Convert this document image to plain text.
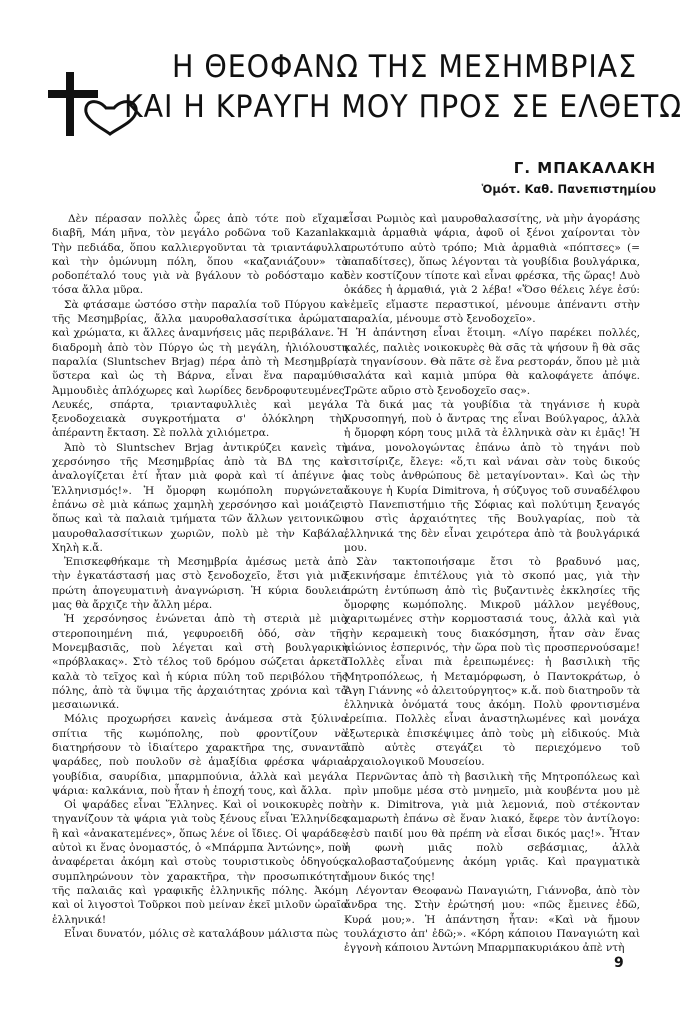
Η ΘΕΟΦΑΝΩ ΤΗΣ ΜΕΣΗΜΒΡΙΑΣ
ΚΑΙ Η ΚΡΑΥΓΗ ΜΟΥ ΠΡΟΣ ΣΕ ΕΛΘΕΤΩ
Γ. ΜΠΑΚΑΛΑΚΗ
Ὁμότ. Καθ. Πανεπιστημίου

Δὲν πέρασαν πολλὲς ὧρες ἀπὸ τότε ποὺ εἴχαμε διαβῆ, Μάη μῆνα, τὸν μεγάλο ροδῶνα τοῦ Kazanlak. Τὴν πεδιάδα, ὅπου καλλιεργοῦνται τὰ τριαντάφυλλα καὶ τὴν ὁμώνυμη πόλη, ὅπου «καζανιάζουν» τὸ ροδοπέταλό τους γιὰ νὰ βγάλουν τὸ ροδόσταμο καὶ τόσα ἄλλα μῦρα.

Σὰ φτάσαμε ὡστόσο στὴν παραλία τοῦ Πύργου καὶ τῆς Μεσημβρίας, ἄλλα μαυροθαλασσίτικα ἀρώματα καὶ χρώματα, κι ἄλλες ἀναμνήσεις μᾶς περιβάλανε. Ἡ διαδρομὴ ἀπὸ τὸν Πύργο ὡς τὴ μεγάλη, ἡλιόλουστη παραλία (Sluntschev Brjag) πέρα ἀπὸ τὴ Μεσημβρία, ὕστερα καὶ ὡς τὴ Βάρνα, εἶναι ἕνα παραμύθι. Ἀμμουδιὲς ἁπλόχωρες καὶ λωρίδες δενδροφυτευμένες. Λευκές, σπάρτα, τριανταφυλλιὲς καὶ μεγάλα ξενοδοχειακὰ συγκροτήματα σ' ὁλόκληρη τὴν ἀπέραντη ἔκταση. Σὲ πολλὰ χιλιόμετρα.

Ἀπὸ τὸ Sluntschev Brjag ἀντικρύζει κανεὶς τὴ χερσόνησο τῆς Μεσημβρίας ἀπὸ τὰ ΒΔ της καὶ ἀναλογίζεται ἐτί ἦταν μιὰ φορὰ καὶ τί ἀπέγινε ὁ Ἑλληνισμός!». Ἡ ὄμορφη κωμόπολη πυργώνεται ἐπάνω σὲ μιὰ κάπως χαμηλὴ χερσόνησο καὶ μοιάζει, ὅπως καὶ τὰ παλαιὰ τμήματα τῶν ἄλλων γειτονικῶν μαυροθαλασσίτικων χωριῶν, πολὺ μὲ τὴν Καβάλα, Χηλὴ κ.ἄ.

Ἐπισκεφθήκαμε τὴ Μεσημβρία ἀμέσως μετὰ ἀπὸ τὴν ἐγκατάστασή μας στὸ ξενοδοχεῖο, ἔτσι γιὰ μιὰ πρώτη ἀπογευματινὴ ἀναγνώριση. Ἡ κύρια δουλειά μας θὰ ἄρχιζε τὴν ἄλλη μέρα.

Ἡ χερσόνησος ἑνώνεται ἀπὸ τὴ στεριὰ μὲ μιὰ στεροποιημένη πιά, γεφυροειδῆ ὁδό, σὰν τῆς Μονεμβασιᾶς, ποὺ λέγεται καὶ στὴ βουλγαρικὴ «πρόβλακας». Στὸ τέλος τοῦ δρόμου σώζεται ἀρκετὰ καλὰ τὸ τεῖχος καὶ ἡ κύρια πύλη τοῦ περιβόλου τῆς πόλης, ἀπὸ τὰ ὕψιμα τῆς ἀρχαιότητας χρόνια καὶ τὰ μεσαιωνικά.

Μόλις προχωρήσει κανεὶς ἀνάμεσα στὰ ξύλινα σπίτια τῆς κωμόπολης, ποὺ φροντίζουν νὰ διατηρήσουν τὸ ἰδιαίτερο χαρακτῆρα της, συναντᾶ ψαράδες, ποὺ πουλοῦν σὲ ἁμαξίδια φρέσκα ψάρια: γουβίδια, σαυρίδια, μπαρμπούνια, ἀλλὰ καὶ μεγάλα ψάρια: καλκάνια, ποὺ ἦταν ἡ ἐποχή τους, καὶ ἄλλα.

Οἱ ψαράδες εἶναι Ἕλληνες. Καὶ οἱ νοικοκυρὲς ποὺ τηγανίζουν τὰ ψάρια γιὰ τοὺς ξένους εἶναι Ἑλληνίδες ἢ καὶ «ἀνακατεμένες», ὅπως λένε οἱ ἴδιες. Οἱ ψαράδες αὐτοὶ κι ἕνας ὀνομαστός, ὁ «Μπάρμπα Ἀντώνης», ποὺ ἀναφέρεται ἀκόμη καὶ στοὺς τουριστικοὺς ὁδηγούς, συμπληρώνουν τὸν χαρακτῆρα, τὴν προσωπικότητα τῆς παλαιᾶς καὶ γραφικῆς ἑλληνικῆς πόλης. Ἀκόμη καὶ οἱ λιγοστοὶ Τοῦρκοι ποὺ μείναν ἐκεῖ μιλοῦν ὡραῖα ἑλληνικά!

Εἶναι δυνατόν, μόλις σὲ καταλάβουν μάλιστα πὼς

εἶσαι Ρωμιὸς καὶ μαυροθαλασσίτης, νὰ μὴν ἀγοράσης καμιὰ ἁρμαθιὰ ψάρια, ἀφοῦ οἱ ξένοι χαίρονται τὸν πρωτότυπο αὐτὸ τρόπο; Μιὰ ἁρμαθιὰ «πόπτσες» (= παπαδίτσες), ὅπως λέγονται τὰ γουβίδια βουλγάρικα, δὲν κοστίζουν τίποτε καὶ εἶναι φρέσκα, τῆς ὥρας! Δυὸ ὁκάδες ἡ ἁρμαθιά, γιὰ 2 λέβα! «Ὅσο θέλεις λέγε ἐσύ: «ἐμεῖς εἴμαστε περαστικοί, μένουμε ἀπέναντι στὴν παραλία, μένουμε στὸ ξενοδοχεῖο».

Ἡ ἀπάντηση εἶναι ἕτοιμη. «Λίγο παρέκει πολλές, καλές, παλιὲς νοικοκυρὲς θὰ σᾶς τὰ ψήσουν ἢ θὰ σᾶς τὰ τηγανίσουν. Θὰ πᾶτε σὲ ἕνα ρεστοράν, ὅπου μὲ μιὰ σαλάτα καὶ καμιὰ μπύρα θὰ καλοφάγετε ἀπόψε. Τρῶτε αὔριο στὸ ξενοδοχεῖο σας».

Τὰ δικά μας τὰ γουβίδια τὰ τηγάνισε ἡ κυρὰ Χρυσοπηγή, ποὺ ὁ ἄντρας της εἶναι Βούλγαρος, ἀλλὰ ἡ ὄμορφη κόρη τους μιλᾶ τὰ ἑλληνικὰ σὰν κι ἐμᾶς! Ἡ μάνα, μονολογώντας ἐπάνω ἀπὸ τὸ τηγάνι ποὺ τσιτσίριζε, ἔλεγε: «ὅ,τι καὶ νάναι σὰν τοὺς δικούς μας τοὺς ἀνθρώπους δὲ μεταγίνονται». Καὶ ὡς τὴν ἄκουγε ἡ Κυρία Dimitrova, ἡ σύζυγος τοῦ συναδέλφου στὸ Πανεπιστήμιο τῆς Σόφιας καὶ πολύτιμη ξεναγός μου στὶς ἀρχαιότητες τῆς Βουλγαρίας, ποὺ τὰ ἑλληνικά της δὲν εἶναι χειρότερα ἀπὸ τὰ βουλγάρικά μου.

Σὰν τακτοποιήσαμε ἔτσι τὸ βραδυνό μας, ξεκινήσαμε ἐπιτέλους γιὰ τὸ σκοπό μας, γιὰ τὴν πρώτη ἐντύπωση ἀπὸ τὶς βυζαντινὲς ἐκκλησίες τῆς ὄμορφης κωμόπολης. Μικροῦ μάλλον μεγέθους, χαριτωμένες στὴν κορμοστασιά τους, ἀλλὰ καὶ γιὰ τὴν κεραμεικὴ τους διακόσμηση, ἦταν σὰν ἕνας αἰώνιος ἑσπερινός, τὴν ὥρα ποὺ τὶς προσπερνούσαμε! Πολλὲς εἶναι πιὰ ἐρειπωμένες: ἡ βασιλικὴ τῆς Μητροπόλεως, ἡ Μεταμόρφωση, ὁ Παντοκράτωρ, ὁ Ἅγη Γιάννης «ὁ ἀλειτούργητος» κ.ἄ. ποὺ διατηροῦν τὰ ἑλληνικὰ ὀνόματά τους ἀκόμη. Πολὺ φροντισμένα ἐρείπια. Πολλὲς εἶναι ἀναστηλωμένες καὶ μονάχα ἐξωτερικὰ ἐπισκέψιμες ἀπὸ τοὺς μὴ εἰδικούς. Μιὰ ἀπὸ αὐτὲς στεγάζει τὸ περιεχόμενο τοῦ ἀρχαιολογικοῦ Μουσείου.

Περνῶντας ἀπὸ τὴ βασιλικὴ τῆς Μητροπόλεως καὶ πρὶν μποῦμε μέσα στὸ μνημεῖο, μιὰ κουβέντα μου μὲ τὴν κ. Dimitrova, γιὰ μιὰ λεμονιά, ποὺ στέκονταν καμαρωτὴ ἐπάνω σὲ ἕναν λιακό, ἔφερε τὸν ἀντίλογο: «ἐσὺ παιδί μου θὰ πρέπη νὰ εἶσαι δικός μας!». Ἦταν ἡ φωνὴ μιᾶς πολὺ σεβάσμιας, ἀλλὰ καλοβασταζούμενης ἀκόμη γριᾶς. Καὶ πραγματικὰ ἤμουν δικός της!

Λέγονταν Θεοφανὼ Παναγιώτη, Γιάννοβα, ἀπὸ τὸν ἄνδρα της. Στὴν ἐρώτησή μου: «πῶς ἔμεινες ἐδῶ, Κυρά μου;». Ἡ ἀπάντηση ἦταν: «Καὶ νὰ ἤμουν τουλάχιστο ἀπ' ἐδῶ;». «Κόρη κάποιου Παναγιώτη καὶ ἐγγονὴ κάποιου Ἀντώνη Μπαρμπακυριάκου ἀπὲ ντὴ

9
